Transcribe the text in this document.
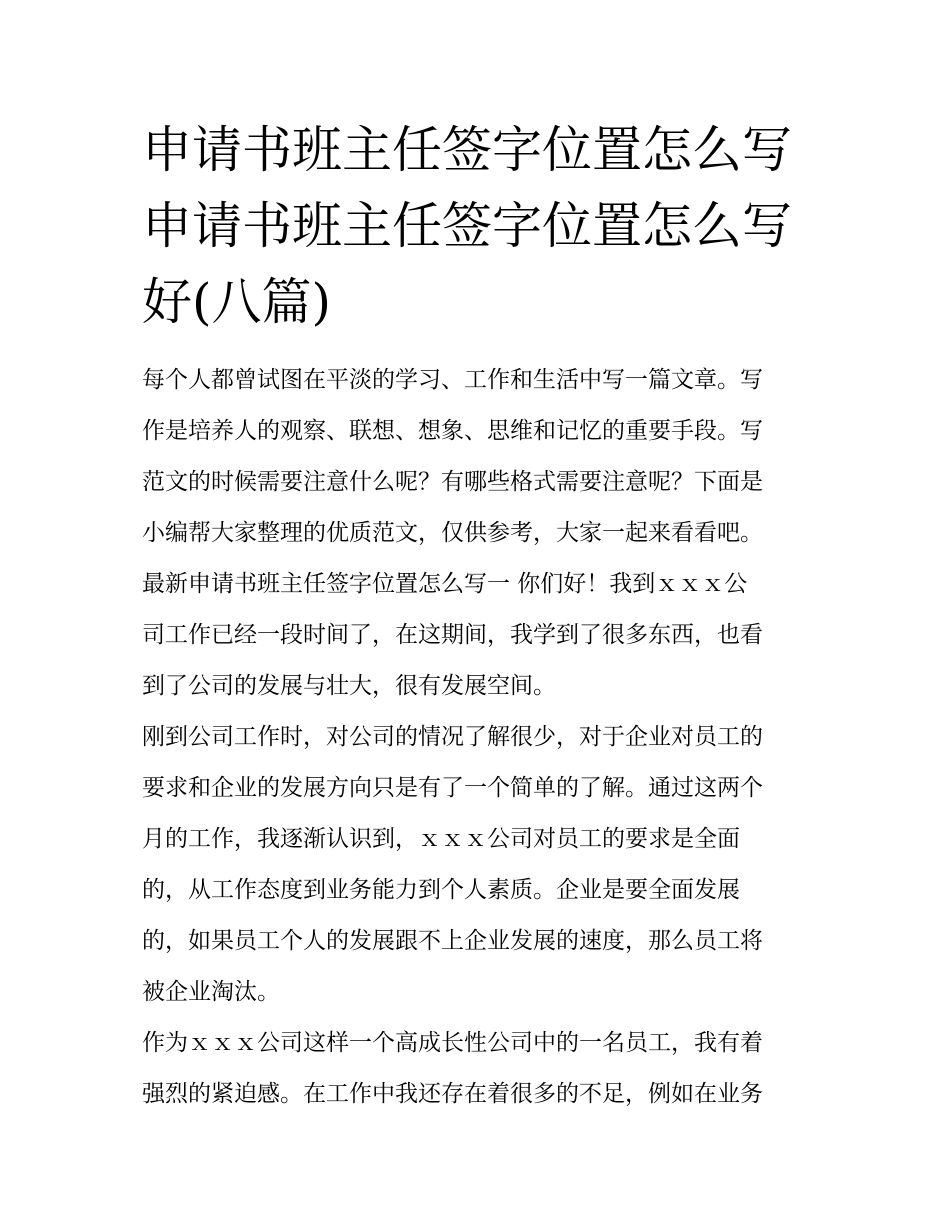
申请书班主任签字位置怎么写
申请书班主任签字位置怎么写
好(八篇)
每个人都曾试图在平淡的学习、工作和生活中写一篇文章。写
作是培养人的观察、联想、想象、思维和记忆的重要手段。写
范文的时候需要注意什么呢？有哪些格式需要注意呢？下面是
小编帮大家整理的优质范文，仅供参考，大家一起来看看吧。
最新申请书班主任签字位置怎么写一 你们好！我到ｘｘｘ公
司工作已经一段时间了，在这期间，我学到了很多东西，也看
到了公司的发展与壮大，很有发展空间。
刚到公司工作时，对公司的情况了解很少，对于企业对员工的
要求和企业的发展方向只是有了一个简单的了解。通过这两个
月的工作，我逐渐认识到，ｘｘｘ公司对员工的要求是全面
的，从工作态度到业务能力到个人素质。企业是要全面发展
的，如果员工个人的发展跟不上企业发展的速度，那么员工将
被企业淘汰。
作为ｘｘｘ公司这样一个高成长性公司中的一名员工，我有着
强烈的紧迫感。在工作中我还存在着很多的不足，例如在业务
